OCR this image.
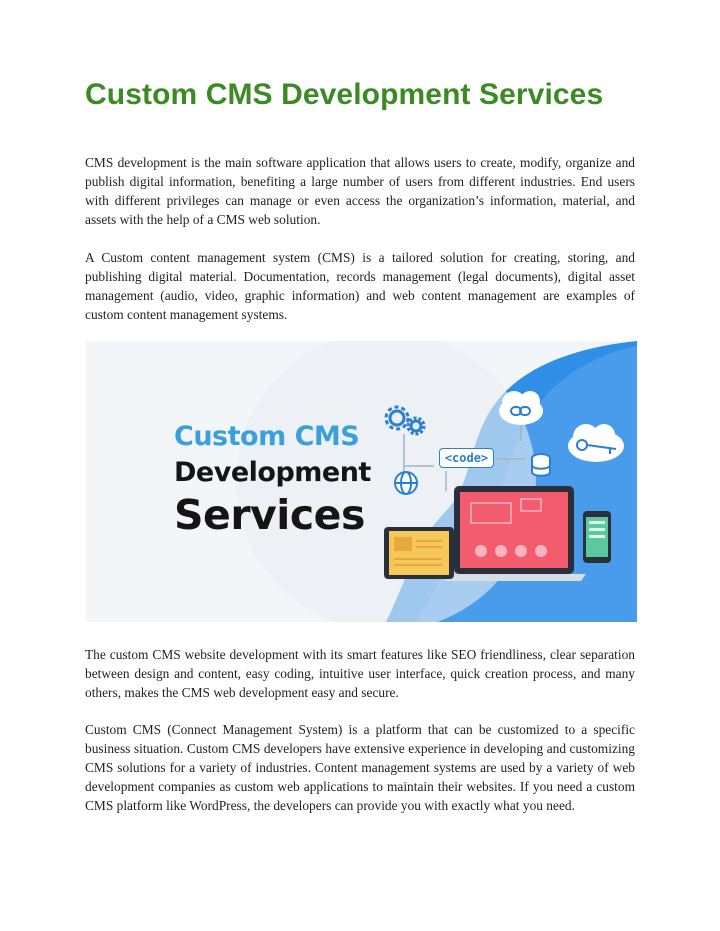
Custom CMS Development Services

CMS development is the main software application that allows users to create, modify, organize and publish digital information, benefiting a large number of users from different industries. End users with different privileges can manage or even access the organization’s information, material, and assets with the help of a CMS web solution.

A Custom content management system (CMS) is a tailored solution for creating, storing, and publishing digital material. Documentation, records management (legal documents), digital asset management (audio, video, graphic information) and web content management are examples of custom content management systems.

Custom CMS
Development
Services
<code>

The custom CMS website development with its smart features like SEO friendliness, clear separation between design and content, easy coding, intuitive user interface, quick creation process, and many others, makes the CMS web development easy and secure.

Custom CMS (Connect Management System) is a platform that can be customized to a specific business situation. Custom CMS developers have extensive experience in developing and customizing CMS solutions for a variety of industries. Content management systems are used by a variety of web development companies as custom web applications to maintain their websites. If you need a custom CMS platform like WordPress, the developers can provide you with exactly what you need.
